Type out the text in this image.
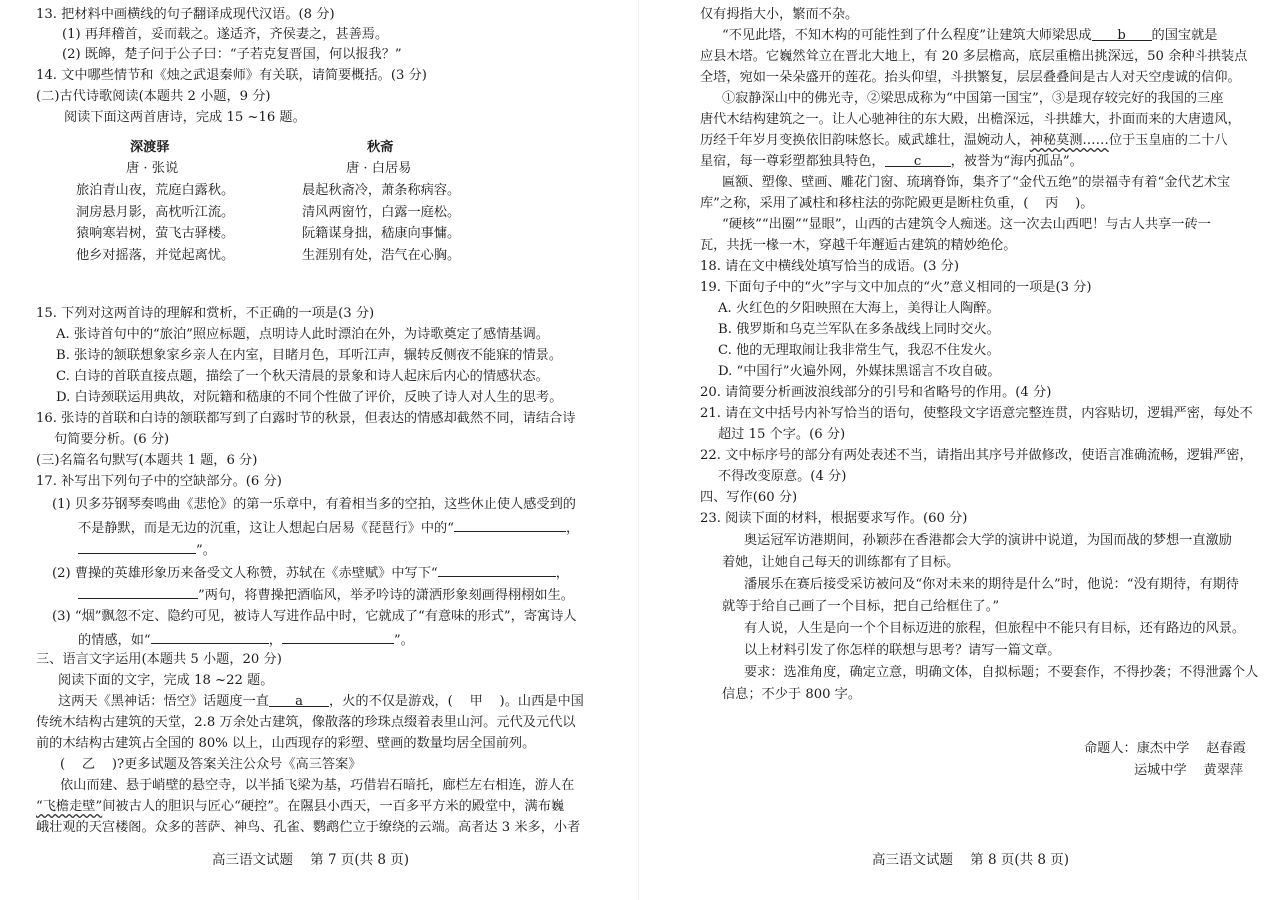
13. 把材料中画横线的句子翻译成现代汉语。(8 分)
(1) 再拜稽首，妥而载之。遂适齐，齐侯妻之，甚善焉。
(2) 既皞，楚子问于公子曰：“子若克复晋国，何以报我？”
14. 文中哪些情节和《烛之武退秦师》有关联，请简要概括。(3 分)
(二)古代诗歌阅读(本题共 2 小题，9 分)
阅读下面这两首唐诗，完成 15 ~16 题。
深渡驿
唐 · 张说
旅泊青山夜，荒庭白露秋。
洞房悬月影，高枕听江流。
猿响寒岩树，萤飞古驿楼。
他乡对摇落，并觉起离忧。
秋斋
唐 · 白居易
晨起秋斋冷，萧条称病容。
清风两窗竹，白露一庭松。
阮籍谋身拙，嵇康向事慵。
生涯别有处，浩气在心胸。
15. 下列对这两首诗的理解和赏析，不正确的一项是(3 分)
A. 张诗首句中的“旅泊”照应标题，点明诗人此时漂泊在外，为诗歌奠定了感情基调。
B. 张诗的颔联想象家乡亲人在内室，目睹月色，耳听江声，辗转反侧夜不能寐的情景。
C. 白诗的首联直接点题，描绘了一个秋天清晨的景象和诗人起床后内心的情感状态。
D. 白诗颈联运用典故，对阮籍和嵇康的不同个性做了评价，反映了诗人对人生的思考。
16. 张诗的首联和白诗的颔联都写到了白露时节的秋景，但表达的情感却截然不同，请结合诗
句简要分析。(6 分)
(三)名篇名句默写(本题共 1 题，6 分)
17. 补写出下列句子中的空缺部分。(6 分)
(1) 贝多芬钢琴奏鸣曲《悲怆》的第一乐章中，有着相当多的空拍，这些休止使人感受到的
不是静默，而是无边的沉重，这让人想起白居易《琵琶行》中的“	，
”。
(2) 曹操的英雄形象历来备受文人称赞，苏轼在《赤壁赋》中写下“	，
”两句，将曹操把酒临风，举矛吟诗的潇洒形象刻画得栩栩如生。
(3) “烟”飘忽不定、隐约可见，被诗人写进作品中时，它就成了“有意味的形式”，寄寓诗人
的情感，如“	，	”。
三、语言文字运用(本题共 5 小题，20 分)
阅读下面的文字，完成 18 ~22 题。
这两天《黑神话：悟空》话题度一直 a ，火的不仅是游戏，(    甲    )。山西是中国
传统木结构古建筑的天堂，2.8 万余处古建筑，像散落的珍珠点缀着表里山河。元代及元代以
前的木结构古建筑占全国的 80% 以上，山西现存的彩塑、壁画的数量均居全国前列。
(    乙    )?更多试题及答案关注公众号《高三答案》
依山而建、悬于峭壁的悬空寺，以半插飞梁为基，巧借岩石暗托，廊栏左右相连，游人在
“飞檐走壁”间被古人的胆识与匠心“硬控”。在隰县小西天，一百多平方米的殿堂中，满布巍
峨壮观的天宫楼阁。众多的菩萨、神鸟、孔雀、鹦鹉伫立于缭绕的云端。高者达 3 米多，小者
高三语文试题    第 7 页(共 8 页)
仅有拇指大小，繁而不杂。
“不见此塔，不知木构的可能性到了什么程度”让建筑大师梁思成 b 的国宝就是
应县木塔。它巍然耸立在晋北大地上，有 20 多层檐高，底层重檐出挑深远，50 余种斗拱装点
全塔，宛如一朵朵盛开的莲花。抬头仰望，斗拱繁复，层层叠叠间是古人对天空虔诚的信仰。
①寂静深山中的佛光寺，②梁思成称为“中国第一国宝”，③是现存较完好的我国的三座
唐代木结构建筑之一。让人心驰神往的东大殿，出檐深远，斗拱雄大，扑面而来的大唐遗风，
历经千年岁月变换依旧韵味悠长。威武雄壮，温婉动人，神秘莫测……位于玉皇庙的二十八
星宿，每一尊彩塑都独具特色， c ，被誉为“海内孤品”。
匾额、塑像、壁画、雕花门窗、琉璃脊饰，集齐了“金代五绝”的崇福寺有着“金代艺术宝
库”之称，采用了减柱和移柱法的弥陀殿更是断柱负重，(    丙    )。
“硬核”“出圈”“显眼”，山西的古建筑令人痴迷。这一次去山西吧！与古人共享一砖一
瓦，共抚一椽一木，穿越千年邂逅古建筑的精妙绝伦。
18. 请在文中横线处填写恰当的成语。(3 分)
19. 下面句子中的“火”字与文中加点的“火”意义相同的一项是(3 分)
A. 火红色的夕阳映照在大海上，美得让人陶醉。
B. 俄罗斯和乌克兰军队在多条战线上同时交火。
C. 他的无理取闹让我非常生气，我忍不住发火。
D. “中国行”火遍外网，外媒抹黑谣言不攻自破。
20. 请简要分析画波浪线部分的引号和省略号的作用。(4 分)
21. 请在文中括号内补写恰当的语句，使整段文字语意完整连贯，内容贴切，逻辑严密，每处不
超过 15 个字。(6 分)
22. 文中标序号的部分有两处表述不当，请指出其序号并做修改，使语言准确流畅，逻辑严密，
不得改变原意。(4 分)
四、写作(60 分)
23. 阅读下面的材料，根据要求写作。(60 分)
奥运冠军访港期间，孙颖莎在香港都会大学的演讲中说道，为国而战的梦想一直激励
着她，让她自己每天的训练都有了目标。
潘展乐在赛后接受采访被问及“你对未来的期待是什么”时，他说：“没有期待，有期待
就等于给自己画了一个目标，把自己给框住了。”
有人说，人生是向一个个目标迈进的旅程，但旅程中不能只有目标，还有路边的风景。
以上材料引发了你怎样的联想与思考？请写一篇文章。
要求：选准角度，确定立意，明确文体，自拟标题；不要套作，不得抄袭；不得泄露个人
信息；不少于 800 字。
命题人：康杰中学    赵春霞
运城中学    黄翠萍
高三语文试题    第 8 页(共 8 页)
